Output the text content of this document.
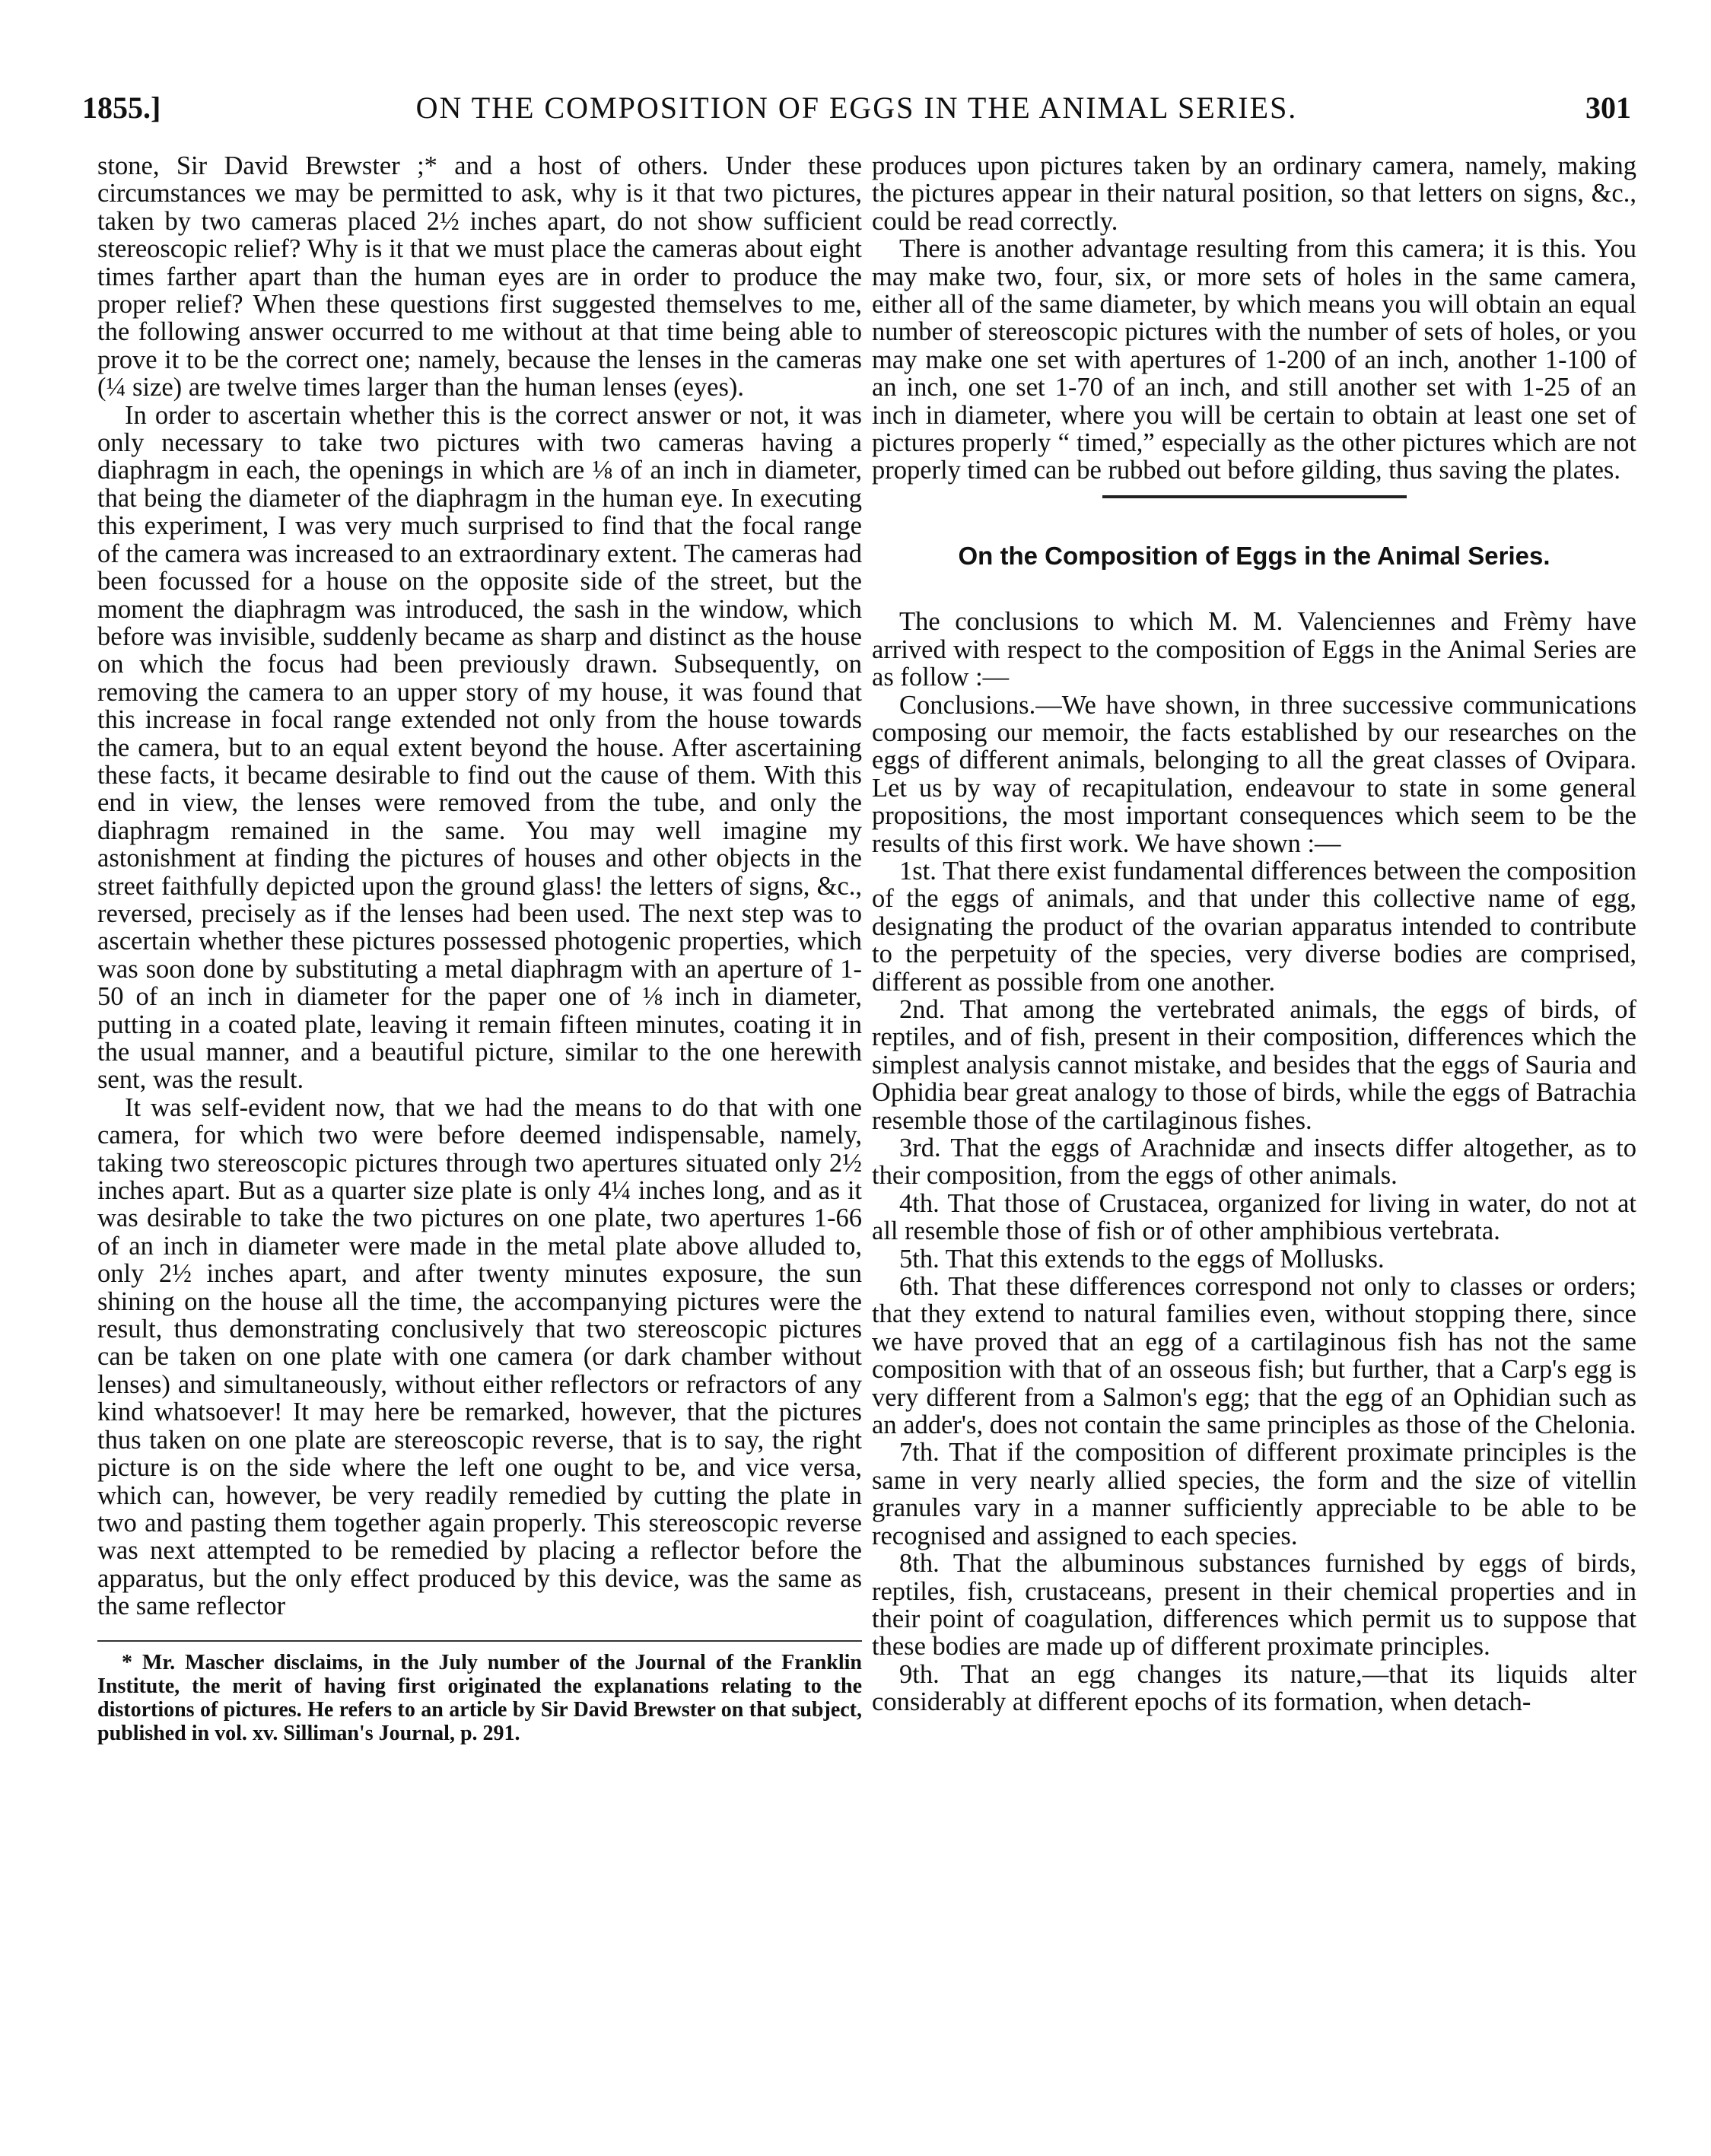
1855.]	ON THE COMPOSITION OF EGGS IN THE ANIMAL SERIES.	301

stone, Sir David Brewster ;* and a host of others. Under these circumstances we may be permitted to ask, why is it that two pictures, taken by two cameras placed 2½ inches apart, do not show sufficient stereoscopic relief? Why is it that we must place the cameras about eight times farther apart than the human eyes are in order to produce the proper relief? When these questions first suggested themselves to me, the following answer occurred to me without at that time being able to prove it to be the correct one; namely, because the lenses in the cameras (¼ size) are twelve times larger than the human lenses (eyes).

In order to ascertain whether this is the correct answer or not, it was only necessary to take two pictures with two cameras having a diaphragm in each, the openings in which are ⅛ of an inch in diameter, that being the diameter of the diaphragm in the human eye. In executing this experiment, I was very much surprised to find that the focal range of the camera was increased to an extraordinary extent. The cameras had been focussed for a house on the opposite side of the street, but the moment the diaphragm was introduced, the sash in the window, which before was invisible, suddenly became as sharp and distinct as the house on which the focus had been previously drawn. Subsequently, on removing the camera to an upper story of my house, it was found that this increase in focal range extended not only from the house towards the camera, but to an equal extent beyond the house. After ascertaining these facts, it became desirable to find out the cause of them. With this end in view, the lenses were removed from the tube, and only the diaphragm remained in the same. You may well imagine my astonishment at finding the pictures of houses and other objects in the street faithfully depicted upon the ground glass! the letters of signs, &c., reversed, precisely as if the lenses had been used. The next step was to ascertain whether these pictures possessed photogenic properties, which was soon done by substituting a metal diaphragm with an aperture of 1-50 of an inch in diameter for the paper one of ⅛ inch in diameter, putting in a coated plate, leaving it remain fifteen minutes, coating it in the usual manner, and a beautiful picture, similar to the one herewith sent, was the result.

It was self-evident now, that we had the means to do that with one camera, for which two were before deemed indispensable, namely, taking two stereoscopic pictures through two apertures situated only 2½ inches apart. But as a quarter size plate is only 4¼ inches long, and as it was desirable to take the two pictures on one plate, two apertures 1-66 of an inch in diameter were made in the metal plate above alluded to, only 2½ inches apart, and after twenty minutes exposure, the sun shining on the house all the time, the accompanying pictures were the result, thus demonstrating conclusively that two stereoscopic pictures can be taken on one plate with one camera (or dark chamber without lenses) and simultaneously, without either reflectors or refractors of any kind whatsoever! It may here be remarked, however, that the pictures thus taken on one plate are stereoscopic reverse, that is to say, the right picture is on the side where the left one ought to be, and vice versa, which can, however, be very readily remedied by cutting the plate in two and pasting them together again properly. This stereoscopic reverse was next attempted to be remedied by placing a reflector before the apparatus, but the only effect produced by this device, was the same as the same reflector

* Mr. Mascher disclaims, in the July number of the Journal of the Franklin Institute, the merit of having first originated the explanations relating to the distortions of pictures. He refers to an article by Sir David Brewster on that subject, published in vol. xv. Silliman's Journal, p. 291.

produces upon pictures taken by an ordinary camera, namely, making the pictures appear in their natural position, so that letters on signs, &c., could be read correctly.

There is another advantage resulting from this camera; it is this. You may make two, four, six, or more sets of holes in the same camera, either all of the same diameter, by which means you will obtain an equal number of stereoscopic pictures with the number of sets of holes, or you may make one set with apertures of 1-200 of an inch, another 1-100 of an inch, one set 1-70 of an inch, and still another set with 1-25 of an inch in diameter, where you will be certain to obtain at least one set of pictures properly “ timed,” especially as the other pictures which are not properly timed can be rubbed out before gilding, thus saving the plates.

On the Composition of Eggs in the Animal Series.

The conclusions to which M. M. Valenciennes and Frèmy have arrived with respect to the composition of Eggs in the Animal Series are as follow :—

Conclusions.—We have shown, in three successive communications composing our memoir, the facts established by our researches on the eggs of different animals, belonging to all the great classes of Ovipara. Let us by way of recapitulation, endeavour to state in some general propositions, the most important consequences which seem to be the results of this first work. We have shown :—

1st. That there exist fundamental differences between the composition of the eggs of animals, and that under this collective name of egg, designating the product of the ovarian apparatus intended to contribute to the perpetuity of the species, very diverse bodies are comprised, different as possible from one another.

2nd. That among the vertebrated animals, the eggs of birds, of reptiles, and of fish, present in their composition, differences which the simplest analysis cannot mistake, and besides that the eggs of Sauria and Ophidia bear great analogy to those of birds, while the eggs of Batrachia resemble those of the cartilaginous fishes.

3rd. That the eggs of Arachnidæ and insects differ altogether, as to their composition, from the eggs of other animals.

4th. That those of Crustacea, organized for living in water, do not at all resemble those of fish or of other amphibious vertebrata.

5th. That this extends to the eggs of Mollusks.

6th. That these differences correspond not only to classes or orders; that they extend to natural families even, without stopping there, since we have proved that an egg of a cartilaginous fish has not the same composition with that of an osseous fish; but further, that a Carp's egg is very different from a Salmon's egg; that the egg of an Ophidian such as an adder's, does not contain the same principles as those of the Chelonia.

7th. That if the composition of different proximate principles is the same in very nearly allied species, the form and the size of vitellin granules vary in a manner sufficiently appreciable to be able to be recognised and assigned to each species.

8th. That the albuminous substances furnished by eggs of birds, reptiles, fish, crustaceans, present in their chemical properties and in their point of coagulation, differences which permit us to suppose that these bodies are made up of different proximate principles.

9th. That an egg changes its nature,—that its liquids alter considerably at different epochs of its formation, when detach-
